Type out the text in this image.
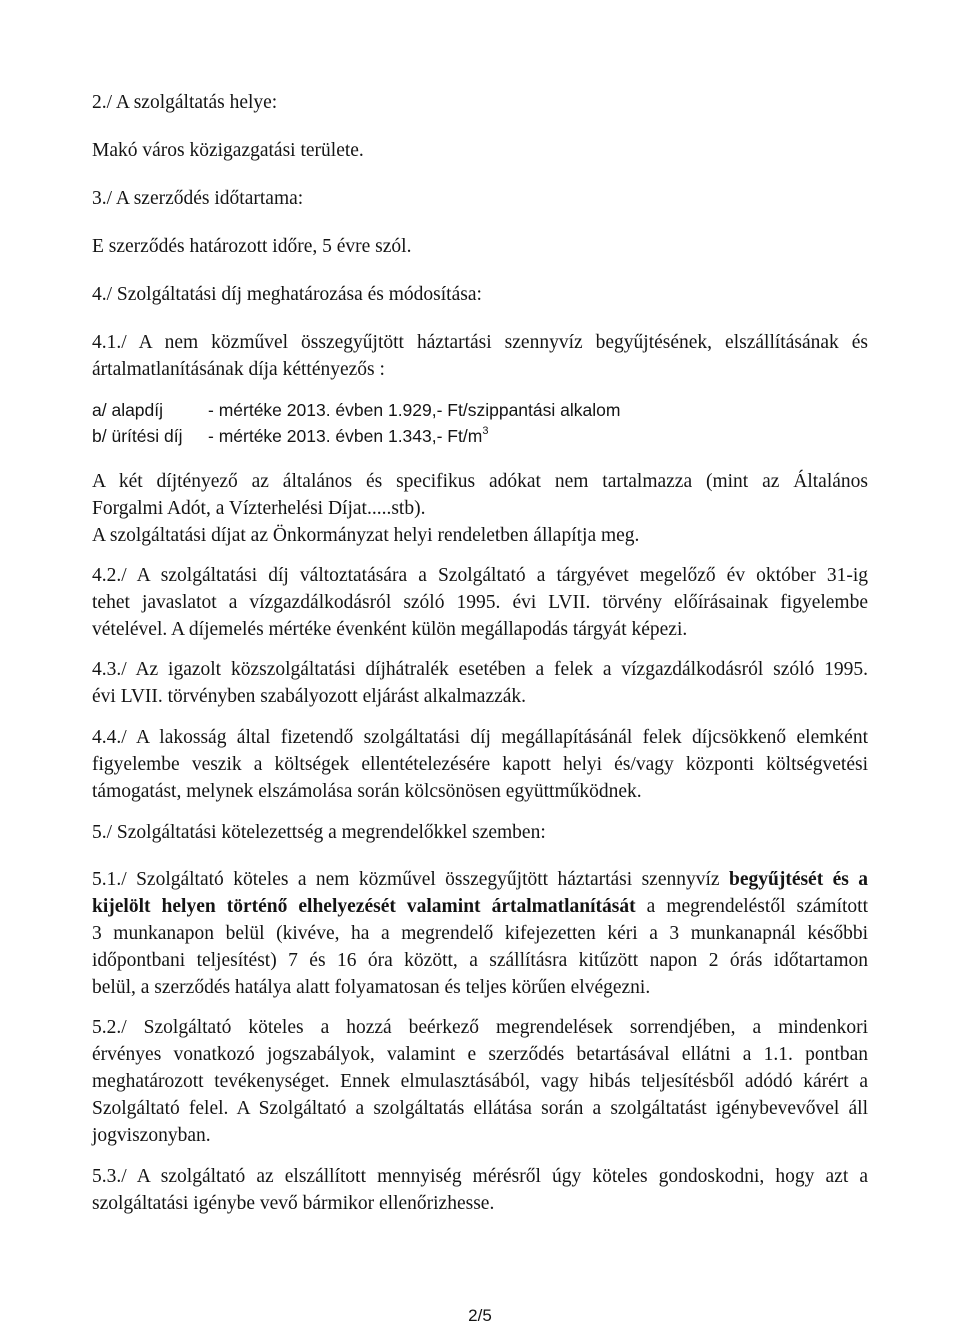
2./ A szolgáltatás helye:
Makó város közigazgatási területe.
3./ A szerződés időtartama:
E szerződés határozott időre, 5 évre szól.
4./ Szolgáltatási díj meghatározása és módosítása:
4.1./ A nem közművel összegyűjtött háztartási szennyvíz begyűjtésének, elszállításának és
ártalmatlanításának díja kéttényezős :
a/ alapdíj	- mértéke 2013. évben 1.929,- Ft/szippantási alkalom
b/ ürítési díj - mértéke 2013. évben 1.343,- $Ft/m^3$
A két díjtényező az általános és specifikus adókat nem tartalmazza (mint az Általános
Forgalmi Adót, a Vízterhelési Díjat.....stb).
A szolgáltatási díjat az Önkormányzat helyi rendeletben állapítja meg.
4.2./ A szolgáltatási díj változtatására a Szolgáltató a tárgyévet megelőző év október 31-ig
tehet javaslatot a vízgazdálkodásról szóló 1995. évi LVII. törvény előírásainak figyelembe
vételével. A díjemelés mértéke évenként külön megállapodás tárgyát képezi.
4.3./ Az igazolt közszolgáltatási díjhátralék esetében a felek a vízgazdálkodásról szóló 1995.
évi LVII. törvényben szabályozott eljárást alkalmazzák.
4.4./ A lakosság által fizetendő szolgáltatási díj megállapításánál felek díjcsökkenő elemként
figyelembe veszik a költségek ellentételezésére kapott helyi és/vagy központi költségvetési
támogatást, melynek elszámolása során kölcsönösen együttműködnek.
5./ Szolgáltatási kötelezettség a megrendelőkkel szemben:
5.1./ Szolgáltató köteles a nem közművel összegyűjtött háztartási szennyvíz begyűjtését és a
kijelölt helyen történő elhelyezését valamint ártalmatlanítását a megrendeléstől számított
3 munkanapon belül (kivéve, ha a megrendelő kifejezetten kéri a 3 munkanapnál későbbi
időpontbani teljesítést) 7 és 16 óra között, a szállításra kitűzött napon 2 órás időtartamon
belül, a szerződés hatálya alatt folyamatosan és teljes körűen elvégezni.
5.2./ Szolgáltató köteles a hozzá beérkező megrendelések sorrendjében, a mindenkori
érvényes vonatkozó jogszabályok, valamint e szerződés betartásával ellátni a 1.1. pontban
meghatározott tevékenységet. Ennek elmulasztásából, vagy hibás teljesítésből adódó kárért a
Szolgáltató felel. A Szolgáltató a szolgáltatás ellátása során a szolgáltatást igénybevevővel áll
jogviszonyban.
5.3./ A szolgáltató az elszállított mennyiség mérésről úgy köteles gondoskodni, hogy azt a
szolgáltatási igénybe vevő bármikor ellenőrizhesse.
2/5
